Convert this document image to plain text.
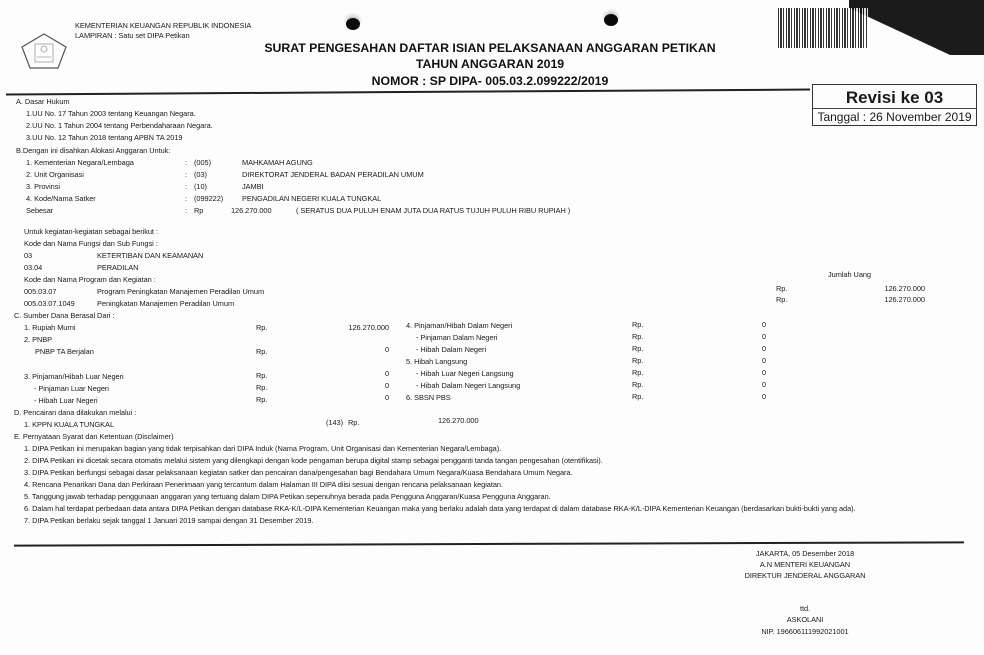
KEMENTERIAN KEUANGAN REPUBLIK INDONESIA
LAMPIRAN : Satu set DIPA Petikan
SURAT PENGESAHAN DAFTAR ISIAN PELAKSANAAN ANGGARAN PETIKAN
TAHUN ANGGARAN 2019
NOMOR : SP DIPA- 005.03.2.099222/2019
Revisi ke 03
Tanggal : 26 November 2019
A. Dasar Hukum
1.UU No. 17 Tahun 2003 tentang Keuangan Negara.
2.UU No. 1 Tahun 2004 tentang Perbendaharaan Negara.
3.UU No. 12 Tahun 2018 tentang APBN TA 2019
B.Dengan ini disahkan Alokasi Anggaran Untuk:
1. Kementerian Negara/Lembaga	: (005)	MAHKAMAH AGUNG
2. Unit Organisasi	: (03)	DIREKTORAT JENDERAL BADAN PERADILAN UMUM
3. Provinsi	: (10)	JAMBI
4. Kode/Nama Satker	: (099222)	PENGADILAN NEGERI KUALA TUNGKAL
Sebesar	: Rp	126.270.000	( SERATUS DUA PULUH ENAM JUTA DUA RATUS TUJUH PULUH RIBU RUPIAH )
Untuk kegiatan-kegiatan sebagai berikut :
Kode dan Nama Fungsi dan Sub Fungsi :
03	KETERTIBAN DAN KEAMANAN
03.04	PERADILAN
Kode dan Nama Program dan Kegiatan :
Jumlah Uang
005.03.07	Program Peningkatan Manajemen Peradilan Umum	Rp.	126.270.000
005.03.07.1049	Peningkatan Manajemen Peradilan Umum	Rp.	126.270.000
C. Sumber Dana Berasal Dari :
1. Rupiah Murni	Rp.	126.270.000
2. PNBP
PNBP TA Berjalan	Rp.	0
3. Pinjaman/Hibah Luar Negeri	Rp.	0
- Pinjaman Luar Negeri	Rp.	0
- Hibah Luar Negeri	Rp.	0
4. Pinjaman/Hibah Dalam Negeri	Rp.	0
- Pinjaman Dalam Negeri	Rp.	0
- Hibah Dalam Negeri	Rp.	0
5. Hibah Langsung	Rp.	0
- Hibah Luar Negeri Langsung	Rp.	0
- Hibah Dalam Negeri Langsung	Rp.	0
6. SBSN PBS	Rp.	0
D. Pencairan dana dilakukan melalui :
1. KPPN KUALA TUNGKAL	(143) Rp.	126.270.000
E. Pernyataan Syarat dan Ketentuan (Disclaimer)
1. DIPA Petikan ini merupakan bagian yang tidak terpisahkan dari DIPA Induk (Nama Program, Unit Organisasi dan Kementerian Negara/Lembaga).
2. DIPA Petikan ini dicetak secara otomatis melalui sistem yang dilengkapi dengan kode pengaman berupa digital stamp sebagai pengganti tanda tangan pengesahan (otentifikasi).
3. DIPA Petikan berfungsi sebagai dasar pelaksanaan kegiatan satker dan pencairan dana/pengesahan bagi Bendahara Umum Negara/Kuasa Bendahara Umum Negara.
4. Rencana Penarikan Dana dan Perkiraan Penerimaan yang tercantum dalam Halaman III DIPA diisi sesuai dengan rencana pelaksanaan kegiatan.
5. Tanggung jawab terhadap penggunaan anggaran yang tertuang dalam DIPA Petikan sepenuhnya berada pada Pengguna Anggaran/Kuasa Pengguna Anggaran.
6. Dalam hal terdapat perbedaan data antara DIPA Petikan dengan database RKA-K/L-DIPA Kementerian Keuangan maka yang berlaku adalah data yang terdapat di dalam database RKA-K/L-DIPA Kementerian Keuangan (berdasarkan bukti-bukti yang ada).
7. DIPA Petikan berlaku sejak tanggal 1 Januari 2019 sampai dengan 31 Desember 2019.
JAKARTA, 05 Desember 2018
A.N MENTERI KEUANGAN
DIREKTUR JENDERAL ANGGARAN
ttd.
ASKOLANI
NIP. 196606111992021001
